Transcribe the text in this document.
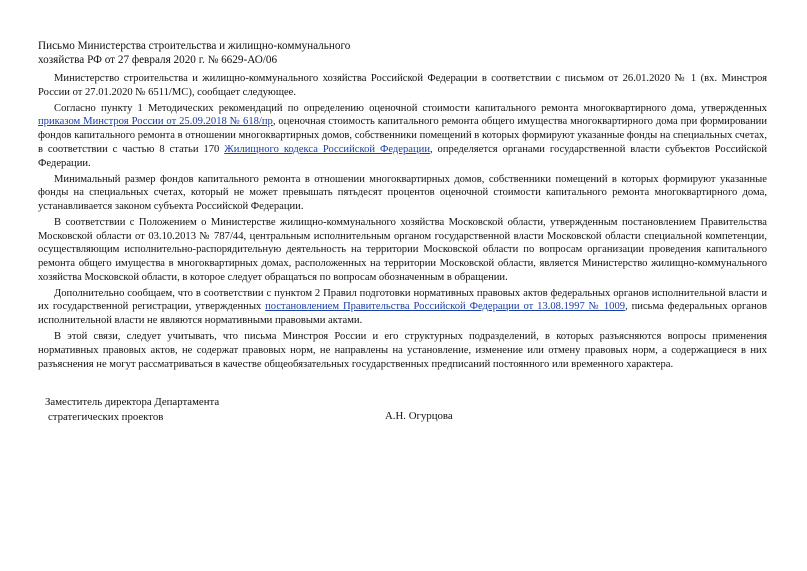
Письмо Министерства строительства и жилищно-коммунального
хозяйства РФ от 27 февраля 2020 г. № 6629-АО/06

Министерство строительства и жилищно-коммунального хозяйства Российской Федерации в соответствии с письмом от 26.01.2020 № 1 (вх. Минстроя России от 27.01.2020 № 6511/МС), сообщает следующее.

Согласно пункту 1 Методических рекомендаций по определению оценочной стоимости капитального ремонта многоквартирного дома, утвержденных приказом Минстроя России от 25.09.2018 № 618/пр, оценочная стоимость капитального ремонта общего имущества многоквартирного дома при формировании фондов капитального ремонта в отношении многоквартирных домов, собственники помещений в которых формируют указанные фонды на специальных счетах, в соответствии с частью 8 статьи 170 Жилищного кодекса Российской Федерации, определяется органами государственной власти субъектов Российской Федерации.

Минимальный размер фондов капитального ремонта в отношении многоквартирных домов, собственники помещений в которых формируют указанные фонды на специальных счетах, который не может превышать пятьдесят процентов оценочной стоимости капитального ремонта многоквартирного дома, устанавливается законом субъекта Российской Федерации.

В соответствии с Положением о Министерстве жилищно-коммунального хозяйства Московской области, утвержденным постановлением Правительства Московской области от 03.10.2013 № 787/44, центральным исполнительным органом государственной власти Московской области специальной компетенции, осуществляющим исполнительно-распорядительную деятельность на территории Московской области по вопросам организации проведения капитального ремонта общего имущества в многоквартирных домах, расположенных на территории Московской области, является Министерство жилищно-коммунального хозяйства Московской области, в которое следует обращаться по вопросам обозначенным в обращении.

Дополнительно сообщаем, что в соответствии с пунктом 2 Правил подготовки нормативных правовых актов федеральных органов исполнительной власти и их государственной регистрации, утвержденных постановлением Правительства Российской Федерации от 13.08.1997 № 1009, письма федеральных органов исполнительной власти не являются нормативными правовыми актами.

В этой связи, следует учитывать, что письма Минстроя России и его структурных подразделений, в которых разъясняются вопросы применения нормативных правовых актов, не содержат правовых норм, не направлены на установление, изменение или отмену правовых норм, а содержащиеся в них разъяснения не могут рассматриваться в качестве общеобязательных государственных предписаний постоянного или временного характера.

Заместитель директора Департамента
стратегических проектов	А.Н. Огурцова
